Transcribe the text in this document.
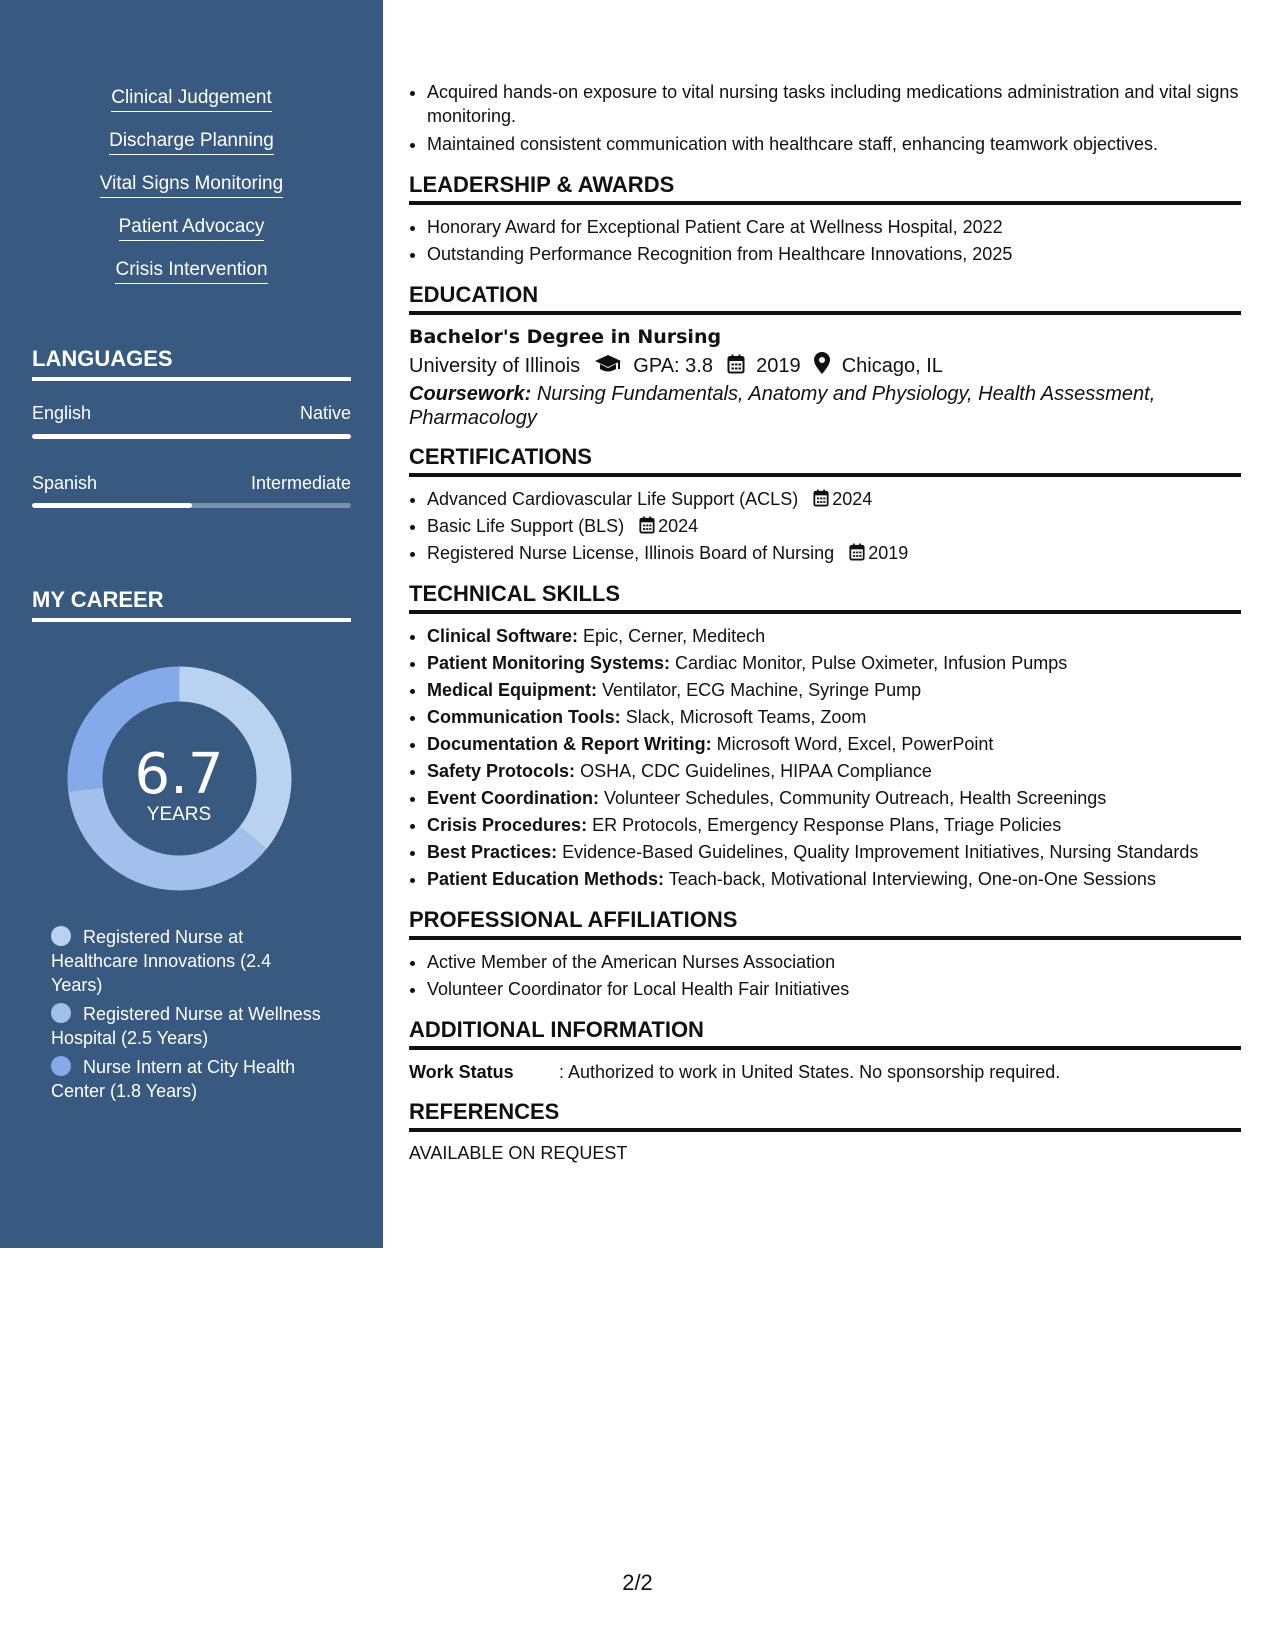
Clinical Judgement
Discharge Planning
Vital Signs Monitoring
Patient Advocacy
Crisis Intervention
LANGUAGES
English	Native
Spanish	Intermediate
MY CAREER
6.7
YEARS
Registered Nurse at Healthcare Innovations (2.4 Years)
Registered Nurse at Wellness Hospital (2.5 Years)
Nurse Intern at City Health Center (1.8 Years)
• Acquired hands-on exposure to vital nursing tasks including medications administration and vital signs monitoring.
• Maintained consistent communication with healthcare staff, enhancing teamwork objectives.
LEADERSHIP & AWARDS
• Honorary Award for Exceptional Patient Care at Wellness Hospital, 2022
• Outstanding Performance Recognition from Healthcare Innovations, 2025
EDUCATION
Bachelor's Degree in Nursing
University of Illinois	GPA: 3.8 2019 Chicago, IL
Coursework: Nursing Fundamentals, Anatomy and Physiology, Health Assessment, Pharmacology
CERTIFICATIONS
• Advanced Cardiovascular Life Support (ACLS) 2024
• Basic Life Support (BLS) 2024
• Registered Nurse License, Illinois Board of Nursing 2019
TECHNICAL SKILLS
• Clinical Software: Epic, Cerner, Meditech
• Patient Monitoring Systems: Cardiac Monitor, Pulse Oximeter, Infusion Pumps
• Medical Equipment: Ventilator, ECG Machine, Syringe Pump
• Communication Tools: Slack, Microsoft Teams, Zoom
• Documentation & Report Writing: Microsoft Word, Excel, PowerPoint
• Safety Protocols: OSHA, CDC Guidelines, HIPAA Compliance
• Event Coordination: Volunteer Schedules, Community Outreach, Health Screenings
• Crisis Procedures: ER Protocols, Emergency Response Plans, Triage Policies
• Best Practices: Evidence-Based Guidelines, Quality Improvement Initiatives, Nursing Standards
• Patient Education Methods: Teach-back, Motivational Interviewing, One-on-One Sessions
PROFESSIONAL AFFILIATIONS
• Active Member of the American Nurses Association
• Volunteer Coordinator for Local Health Fair Initiatives
ADDITIONAL INFORMATION
Work Status	: Authorized to work in United States. No sponsorship required.
REFERENCES
AVAILABLE ON REQUEST
2/2
